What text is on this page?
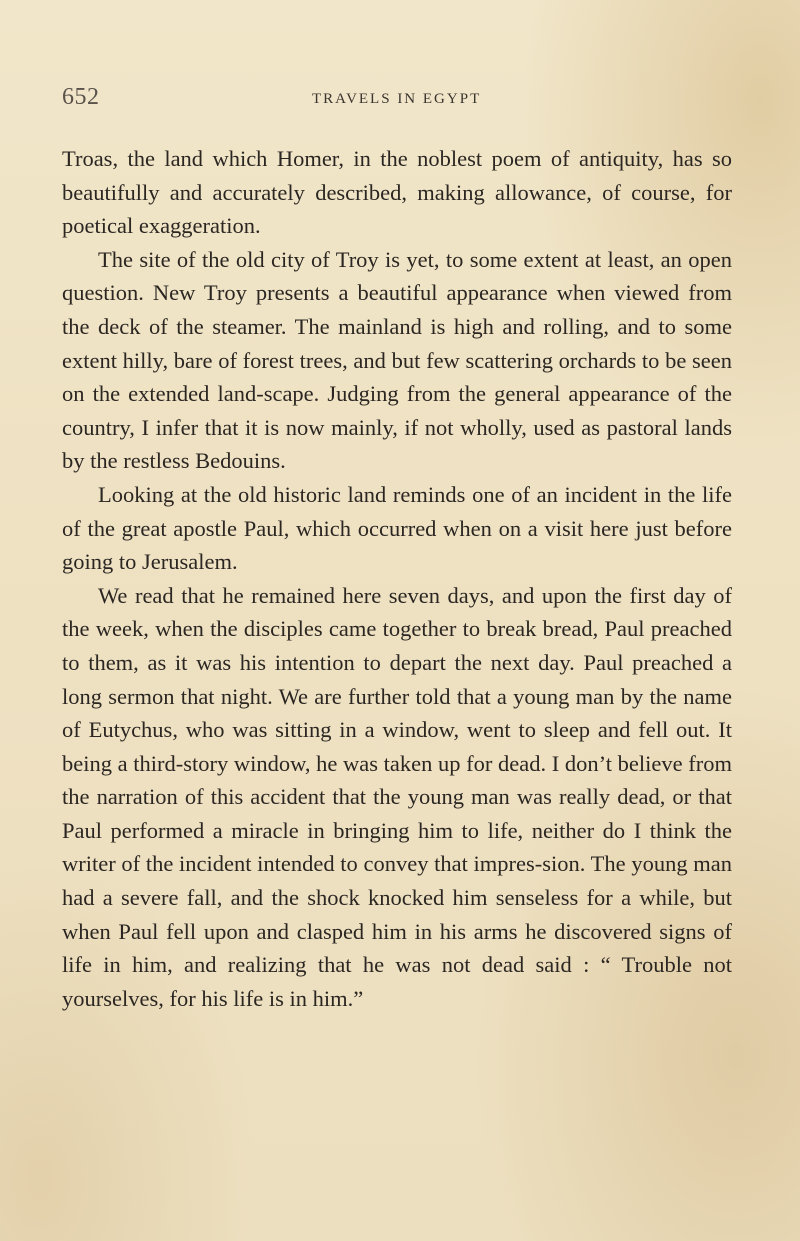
652	TRAVELS IN EGYPT

Troas, the land which Homer, in the noblest poem of antiquity, has so beautifully and accurately described, making allowance, of course, for poetical exaggeration.

The site of the old city of Troy is yet, to some extent at least, an open question. New Troy presents a beautiful appearance when viewed from the deck of the steamer. The mainland is high and rolling, and to some extent hilly, bare of forest trees, and but few scattering orchards to be seen on the extended land-scape. Judging from the general appearance of the country, I infer that it is now mainly, if not wholly, used as pastoral lands by the restless Bedouins.

Looking at the old historic land reminds one of an incident in the life of the great apostle Paul, which occurred when on a visit here just before going to Jerusalem.

We read that he remained here seven days, and upon the first day of the week, when the disciples came together to break bread, Paul preached to them, as it was his intention to depart the next day. Paul preached a long sermon that night. We are further told that a young man by the name of Eutychus, who was sitting in a window, went to sleep and fell out. It being a third-story window, he was taken up for dead. I don’t believe from the narration of this accident that the young man was really dead, or that Paul performed a miracle in bringing him to life, neither do I think the writer of the incident intended to convey that impres-sion. The young man had a severe fall, and the shock knocked him senseless for a while, but when Paul fell upon and clasped him in his arms he discovered signs of life in him, and realizing that he was not dead said : “ Trouble not yourselves, for his life is in him.”
